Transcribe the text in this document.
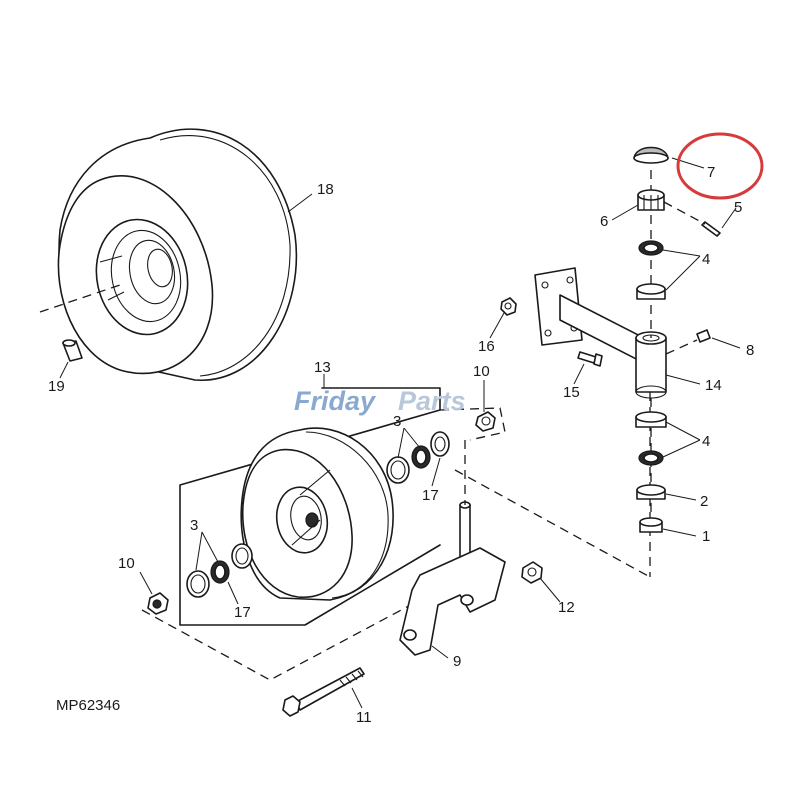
Friday Parts
1
2
3
3
4
4
5
6
7
8
9
10
10
11
12
13
14
15
16
17
17
18
19
MP62346
